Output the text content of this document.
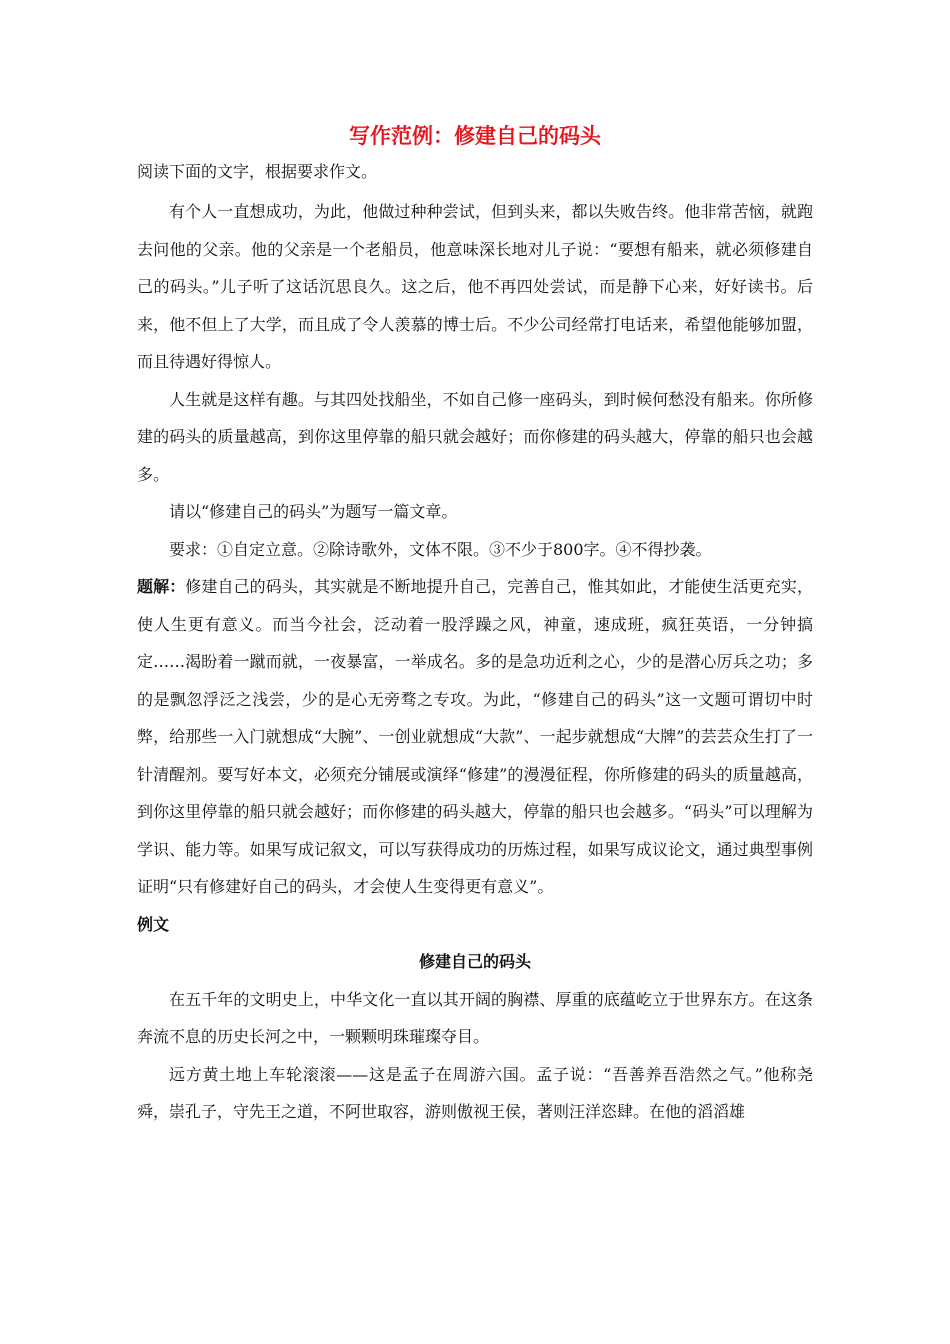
写作范例：修建自己的码头

阅读下面的文字，根据要求作文。

有个人一直想成功，为此，他做过种种尝试，但到头来，都以失败告终。他非常苦恼，就跑去问他的父亲。他的父亲是一个老船员，他意味深长地对儿子说：“要想有船来，就必须修建自己的码头。”儿子听了这话沉思良久。这之后，他不再四处尝试，而是静下心来，好好读书。后来，他不但上了大学，而且成了令人羡慕的博士后。不少公司经常打电话来，希望他能够加盟，而且待遇好得惊人。

人生就是这样有趣。与其四处找船坐，不如自己修一座码头，到时候何愁没有船来。你所修建的码头的质量越高，到你这里停靠的船只就会越好；而你修建的码头越大，停靠的船只也会越多。

请以“修建自己的码头”为题写一篇文章。

要求：①自定立意。②除诗歌外，文体不限。③不少于800字。④不得抄袭。

题解：修建自己的码头，其实就是不断地提升自己，完善自己，惟其如此，才能使生活更充实，使人生更有意义。而当今社会，泛动着一股浮躁之风，神童，速成班，疯狂英语，一分钟搞定……渴盼着一蹴而就，一夜暴富，一举成名。多的是急功近利之心，少的是潜心厉兵之功；多的是飘忽浮泛之浅尝，少的是心无旁骛之专攻。为此，“修建自己的码头”这一文题可谓切中时弊，给那些一入门就想成“大腕”、一创业就想成“大款”、一起步就想成“大牌”的芸芸众生打了一针清醒剂。要写好本文，必须充分铺展或演绎“修建”的漫漫征程，你所修建的码头的质量越高，到你这里停靠的船只就会越好；而你修建的码头越大，停靠的船只也会越多。“码头”可以理解为学识、能力等。如果写成记叙文，可以写获得成功的历炼过程，如果写成议论文，通过典型事例证明“只有修建好自己的码头，才会使人生变得更有意义”。

例文
修建自己的码头

在五千年的文明史上，中华文化一直以其开阔的胸襟、厚重的底蕴屹立于世界东方。在这条奔流不息的历史长河之中，一颗颗明珠璀璨夺目。

远方黄土地上车轮滚滚——这是孟子在周游六国。孟子说：“吾善养吾浩然之气。”他称尧舜，崇孔子，守先王之道，不阿世取容，游则傲视王侯，著则汪洋恣肆。在他的滔滔雄
